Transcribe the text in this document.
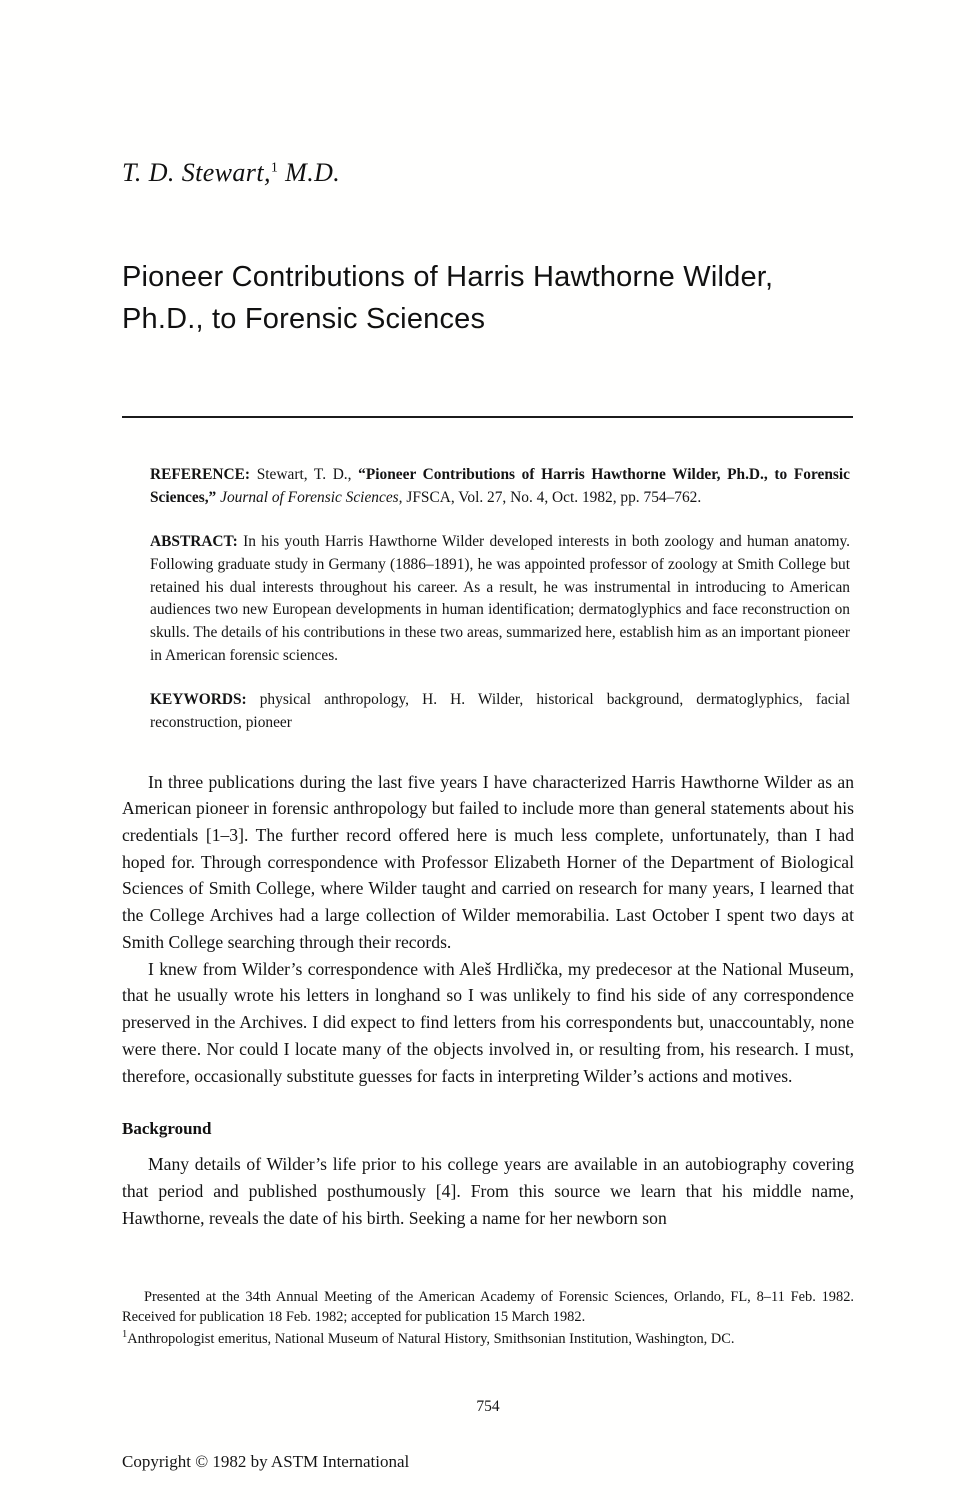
T. D. Stewart,$^1$ M.D.
Pioneer Contributions of Harris Hawthorne Wilder, Ph.D., to Forensic Sciences

REFERENCE: Stewart, T. D., “Pioneer Contributions of Harris Hawthorne Wilder, Ph.D., to Forensic Sciences,” Journal of Forensic Sciences, JFSCA, Vol. 27, No. 4, Oct. 1982, pp. 754–762.

ABSTRACT: In his youth Harris Hawthorne Wilder developed interests in both zoology and human anatomy. Following graduate study in Germany (1886–1891), he was appointed professor of zoology at Smith College but retained his dual interests throughout his career. As a result, he was instrumental in introducing to American audiences two new European developments in human identification; dermatoglyphics and face reconstruction on skulls. The details of his contributions in these two areas, summarized here, establish him as an important pioneer in American forensic sciences.

KEYWORDS: physical anthropology, H. H. Wilder, historical background, dermatoglyphics, facial reconstruction, pioneer

In three publications during the last five years I have characterized Harris Hawthorne Wilder as an American pioneer in forensic anthropology but failed to include more than general statements about his credentials [1–3]. The further record offered here is much less complete, unfortunately, than I had hoped for. Through correspondence with Professor Elizabeth Horner of the Department of Biological Sciences of Smith College, where Wilder taught and carried on research for many years, I learned that the College Archives had a large collection of Wilder memorabilia. Last October I spent two days at Smith College searching through their records.

I knew from Wilder’s correspondence with Aleš Hrdlička, my predecesor at the National Museum, that he usually wrote his letters in longhand so I was unlikely to find his side of any correspondence preserved in the Archives. I did expect to find letters from his correspondents but, unaccountably, none were there. Nor could I locate many of the objects involved in, or resulting from, his research. I must, therefore, occasionally substitute guesses for facts in interpreting Wilder’s actions and motives.

Background

Many details of Wilder’s life prior to his college years are available in an autobiography covering that period and published posthumously [4]. From this source we learn that his middle name, Hawthorne, reveals the date of his birth. Seeking a name for her newborn son

Presented at the 34th Annual Meeting of the American Academy of Forensic Sciences, Orlando, FL, 8–11 Feb. 1982. Received for publication 18 Feb. 1982; accepted for publication 15 March 1982.

$^1$Anthropologist emeritus, National Museum of Natural History, Smithsonian Institution, Washington, DC.

754
Copyright © 1982 by ASTM International
